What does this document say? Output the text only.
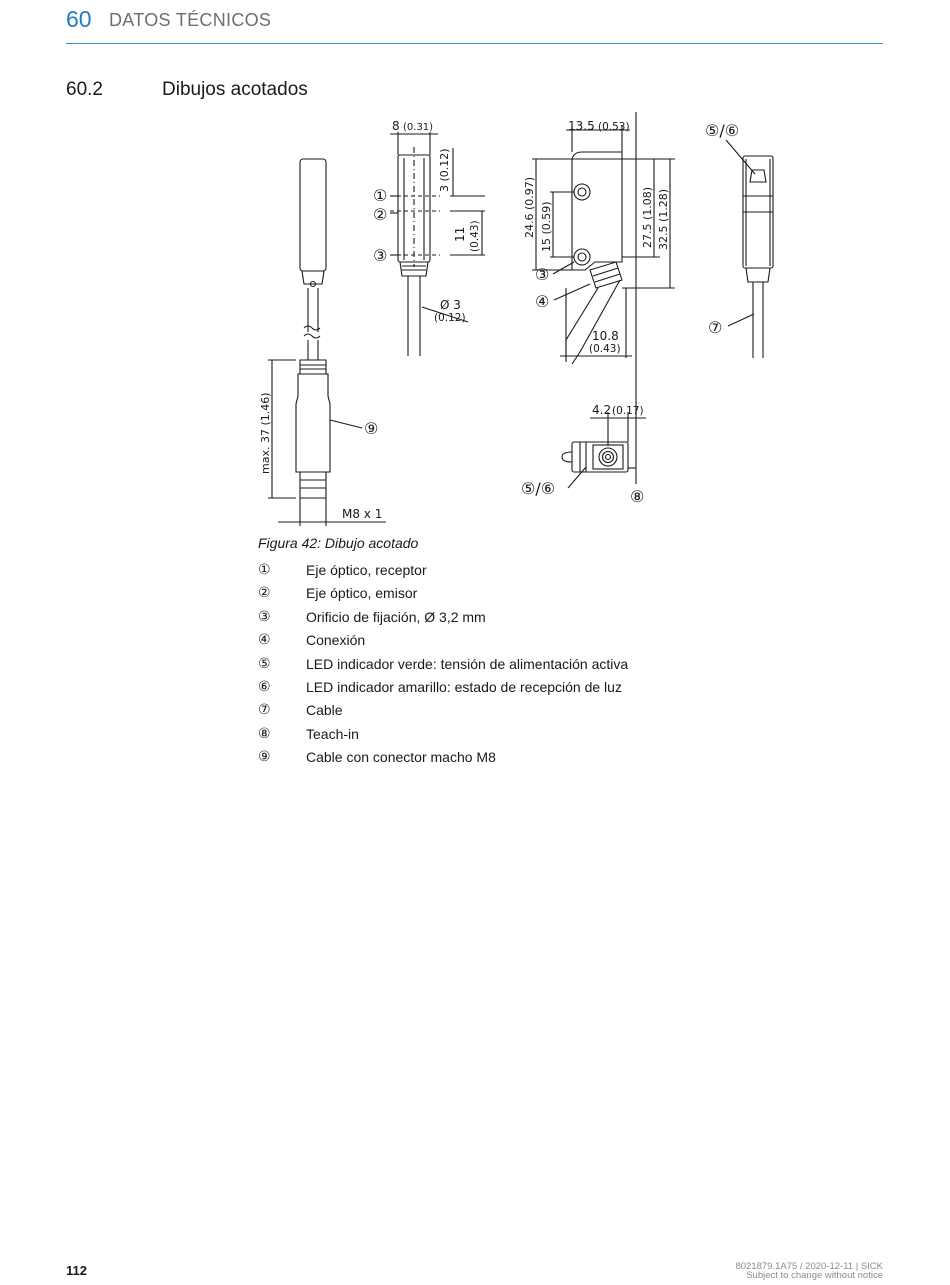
60 DATOS TÉCNICOS
60.2	Dibujos acotados
8 (0.31)
3 (0.12)
11 (0.43)
Ø 3
(0.12)
13.5 (0.53)
24.6 (0.97) 15 (0.59)	27.5 (1.08) 32.5 (1.28)
10.8
(0.43)
4.2 (0.17)
max. 37 (1.46)
M8 x 1
①
②
③
③
④
⑤/⑥
⑦
⑤/⑥	⑧
⑨
Figura 42: Dibujo acotado
①	Eje óptico, receptor
②	Eje óptico, emisor
③	Orificio de fijación, Ø 3,2 mm
④	Conexión
⑤	LED indicador verde: tensión de alimentación activa
⑥	LED indicador amarillo: estado de recepción de luz
⑦	Cable
⑧	Teach-in
⑨	Cable con conector macho M8
112	8021879.1A75 / 2020-12-11 | SICK
Subject to change without notice
